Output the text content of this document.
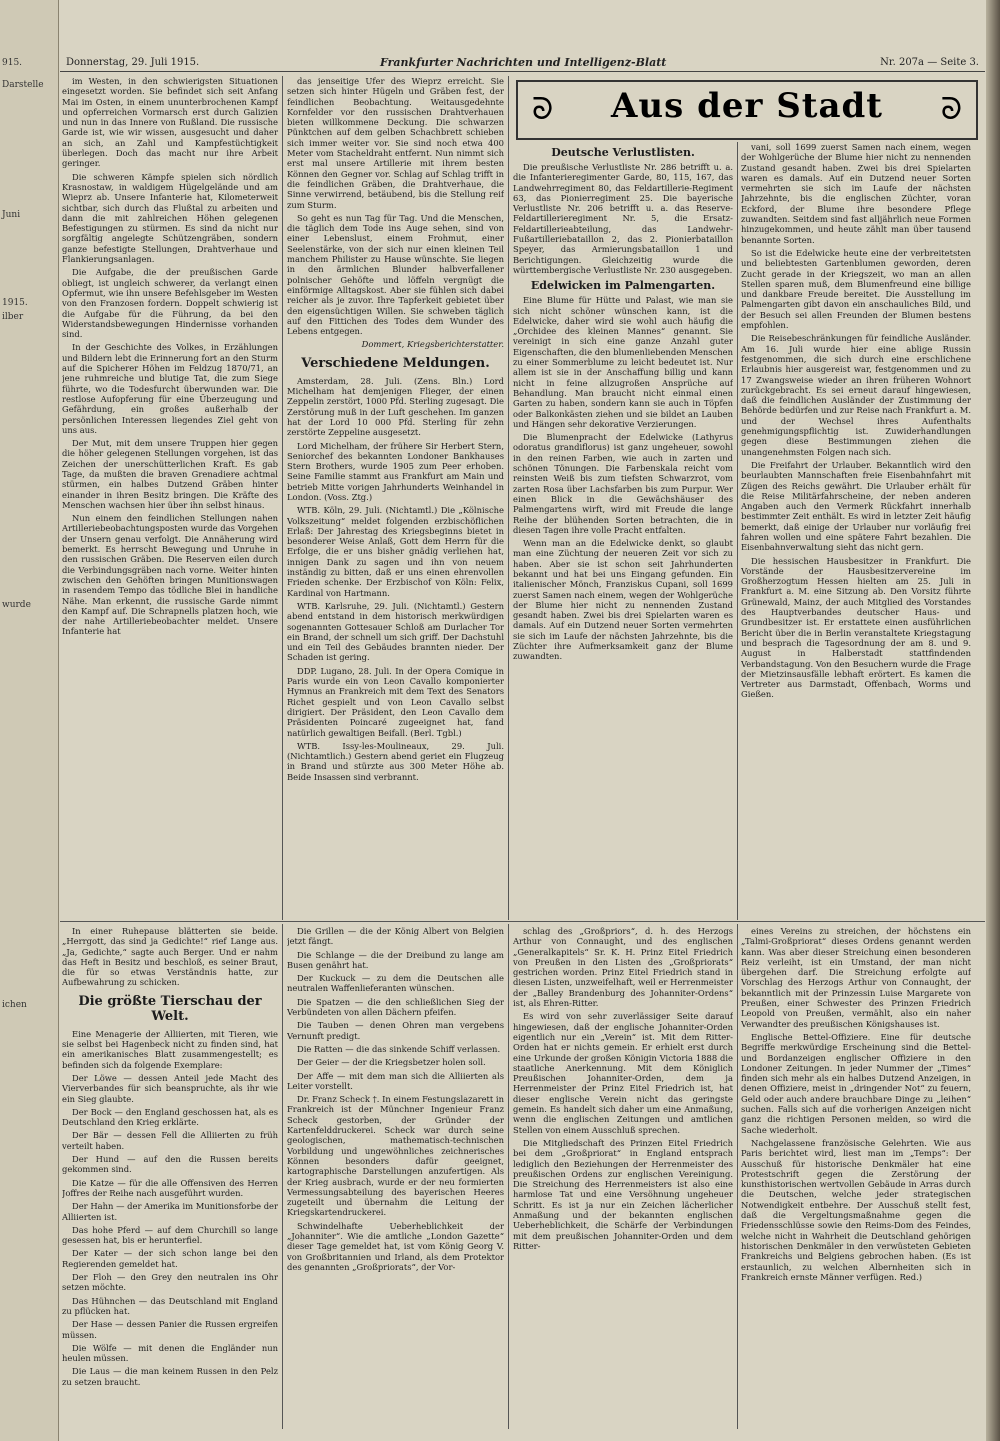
915.
Darstelle
Juni
1915.
ilber
wurde
ichen
Donnerstag, 29. Juli 1915.	Frankfurter Nachrichten und Intelligenz-Blatt	Nr. 207a — Seite 3.
ᘐ	Aus der Stadt	ᘐ

im Westen, in den schwierigsten Situationen eingesetzt worden. Sie befindet sich seit Anfang Mai im Osten, in einem ununterbrochenen Kampf und opferreichen Vormarsch erst durch Galizien und nun in das Innere von Rußland. Die russische Garde ist, wie wir wissen, ausgesucht und daher an sich, an Zahl und Kampfestüchtigkeit überlegen. Doch das macht nur ihre Arbeit geringer.

Die schweren Kämpfe spielen sich nördlich Krasnostaw, in waldigem Hügelgelände und am Wieprz ab. Unsere Infanterie hat, Kilometerweit sichtbar, sich durch das Flußtal zu arbeiten und dann die mit zahlreichen Höhen gelegenen Befestigungen zu stürmen. Es sind da nicht nur sorgfältig angelegte Schützengräben, sondern ganze befestigte Stellungen, Drahtverhaue und Flankierungsanlagen.

Die Aufgabe, die der preußischen Garde obliegt, ist ungleich schwerer, da verlangt einen Opfermut, wie ihn unsere Befehlsgeber im Westen von den Franzosen fordern. Doppelt schwierig ist die Aufgabe für die Führung, da bei den Widerstandsbewegungen Hindernisse vorhanden sind.

In der Geschichte des Volkes, in Erzählungen und Bildern lebt die Erinnerung fort an den Sturm auf die Spicherer Höhen im Feldzug 1870/71, an jene ruhmreiche und blutige Tat, die zum Siege führte, wo die Todesfurcht überwunden war. Die restlose Aufopferung für eine Überzeugung und Gefährdung, ein großes außerhalb der persönlichen Interessen liegendes Ziel geht von uns aus.

Der Mut, mit dem unsere Truppen hier gegen die höher gelegenen Stellungen vorgehen, ist das Zeichen der unerschütterlichen Kraft. Es gab Tage, da mußten die braven Grenadiere achtmal stürmen, ein halbes Dutzend Gräben hinter einander in ihren Besitz bringen. Die Kräfte des Menschen wachsen hier über ihn selbst hinaus.

Nun einem den feindlichen Stellungen nahen Artilleriebeobachtungsposten wurde das Vorgehen der Unsern genau verfolgt. Die Annäherung wird bemerkt. Es herrscht Bewegung und Unruhe in den russischen Gräben. Die Reserven eilen durch die Verbindungsgräben nach vorne. Weiter hinten zwischen den Gehöften bringen Munitionswagen in rasendem Tempo das tödliche Blei in handliche Nähe. Man erkennt, die russische Garde nimmt den Kampf auf. Die Schrapnells platzen hoch, wie der nahe Artilleriebeobachter meldet. Unsere Infanterie hat

das jenseitige Ufer des Wieprz erreicht. Sie setzen sich hinter Hügeln und Gräben fest, der feindlichen Beobachtung. Weitausgedehnte Kornfelder vor den russischen Drahtverhauen bieten willkommene Deckung. Die schwarzen Pünktchen auf dem gelben Schachbrett schieben sich immer weiter vor. Sie sind noch etwa 400 Meter vom Stacheldraht entfernt. Nun nimmt sich erst mal unsere Artillerie mit ihrem besten Können den Gegner vor. Schlag auf Schlag trifft in die feindlichen Gräben, die Drahtverhaue, die Sinne verwirrend, betäubend, bis die Stellung reif zum Sturm.

So geht es nun Tag für Tag. Und die Menschen, die täglich dem Tode ins Auge sehen, sind von einer Lebenslust, einem Frohmut, einer Seelenstärke, von der sich nur einen kleinen Teil manchem Philister zu Hause wünschte. Sie liegen in den ärmlichen Blunder halbverfallener polnischer Gehöfte und löffeln vergnügt die einförmige Alltagskost. Aber sie fühlen sich dabei reicher als je zuvor. Ihre Tapferkeit gebietet über den eigensüchtigen Willen. Sie schweben täglich auf den Fittichen des Todes dem Wunder des Lebens entgegen.

Dommert, Kriegsberichterstatter.

Verschiedene Meldungen.

Amsterdam, 28. Juli. (Zens. Bln.) Lord Michelham hat demjenigen Flieger, der einen Zeppelin zerstört, 1000 Pfd. Sterling zugesagt. Die Zerstörung muß in der Luft geschehen. Im ganzen hat der Lord 10 000 Pfd. Sterling für zehn zerstörte Zeppeline ausgesetzt.

Lord Michelham, der frühere Sir Herbert Stern, Seniorchef des bekannten Londoner Bankhauses Stern Brothers, wurde 1905 zum Peer erhoben. Seine Familie stammt aus Frankfurt am Main und betrieb Mitte vorigen Jahrhunderts Weinhandel in London. (Voss. Ztg.)

WTB. Köln, 29. Juli. (Nichtamtl.) Die „Kölnische Volkszeitung“ meldet folgenden erzbischöflichen Erlaß: Der Jahrestag des Kriegsbeginns bietet in besonderer Weise Anlaß, Gott dem Herrn für die Erfolge, die er uns bisher gnädig verliehen hat, innigen Dank zu sagen und ihn von neuem inständig zu bitten, daß er uns einen ehrenvollen Frieden schenke. Der Erzbischof von Köln: Felix, Kardinal von Hartmann.

WTB. Karlsruhe, 29. Juli. (Nichtamtl.) Gestern abend entstand in dem historisch merkwürdigen sogenannten Gottesauer Schloß am Durlacher Tor ein Brand, der schnell um sich griff. Der Dachstuhl und ein Teil des Gebäudes brannten nieder. Der Schaden ist gering.

DDP. Lugano, 28. Juli. In der Opera Comique in Paris wurde ein von Leon Cavallo komponierter Hymnus an Frankreich mit dem Text des Senators Richet gespielt und von Leon Cavallo selbst dirigiert. Der Präsident, den Leon Cavallo dem Präsidenten Poincaré zugeeignet hat, fand natürlich gewaltigen Beifall. (Berl. Tgbl.)

WTB. Issy-les-Moulineaux, 29. Juli. (Nichtamtlich.) Gestern abend geriet ein Flugzeug in Brand und stürzte aus 300 Meter Höhe ab. Beide Insassen sind verbrannt.

Deutsche Verlustlisten.

Die preußische Verlustliste Nr. 286 betrifft u. a. die Infanterieregimenter Garde, 80, 115, 167, das Landwehrregiment 80, das Feldartillerie-Regiment 63, das Pionierregiment 25. Die bayerische Verlustliste Nr. 206 betrifft u. a. das Reserve-Feldartillerieregiment Nr. 5, die Ersatz-Feldartillerieabteilung, das Landwehr-Fußartilleriebataillon 2, das 2. Pionierbataillon Speyer, das Armierungsbataillon 1 und Berichtigungen. Gleichzeitig wurde die württembergische Verlustliste Nr. 230 ausgegeben.

Edelwicken im Palmengarten.

Eine Blume für Hütte und Palast, wie man sie sich nicht schöner wünschen kann, ist die Edelwicke, daher wird sie wohl auch häufig die „Orchidee des kleinen Mannes“ genannt. Sie vereinigt in sich eine ganze Anzahl guter Eigenschaften, die den blumenliebenden Menschen zu einer Sommerblume zu leicht bedeutet ist. Nur allem ist sie in der Anschaffung billig und kann nicht in feine allzugroßen Ansprüche auf Behandlung. Man braucht nicht einmal einen Garten zu haben, sondern kann sie auch in Töpfen oder Balkonkästen ziehen und sie bildet an Lauben und Hängen sehr dekorative Verzierungen.

Die Blumenpracht der Edelwicke (Lathyrus odoratus grandiflorus) ist ganz ungeheuer, sowohl in den reinen Farben, wie auch in zarten und schönen Tönungen. Die Farbenskala reicht vom reinsten Weiß bis zum tiefsten Schwarzrot, vom zarten Rosa über Lachsfarben bis zum Purpur. Wer einen Blick in die Gewächshäuser des Palmengartens wirft, wird mit Freude die lange Reihe der blühenden Sorten betrachten, die in diesen Tagen ihre volle Pracht entfalten.

Wenn man an die Edelwicke denkt, so glaubt man eine Züchtung der neueren Zeit vor sich zu haben. Aber sie ist schon seit Jahrhunderten bekannt und hat bei uns Eingang gefunden. Ein italienischer Mönch, Franziskus Cupani, soll 1699 zuerst Samen nach einem, wegen der Wohlgerüche der Blume hier nicht zu nennenden Zustand gesandt haben. Zwei bis drei Spielarten waren es damals. Auf ein Dutzend neuer Sorten vermehrten sie sich im Laufe der nächsten Jahrzehnte, bis die Züchter ihre Aufmerksamkeit ganz der Blume zuwandten.

vani, soll 1699 zuerst Samen nach einem, wegen der Wohlgerüche der Blume hier nicht zu nennenden Zustand gesandt haben. Zwei bis drei Spielarten waren es damals. Auf ein Dutzend neuer Sorten vermehrten sie sich im Laufe der nächsten Jahrzehnte, bis die englischen Züchter, voran Eckford, der Blume ihre besondere Pflege zuwandten. Seitdem sind fast alljährlich neue Formen hinzugekommen, und heute zählt man über tausend benannte Sorten.

So ist die Edelwicke heute eine der verbreitetsten und beliebtesten Gartenblumen geworden, deren Zucht gerade in der Kriegszeit, wo man an allen Stellen sparen muß, dem Blumenfreund eine billige und dankbare Freude bereitet. Die Ausstellung im Palmengarten gibt davon ein anschauliches Bild, und der Besuch sei allen Freunden der Blumen bestens empfohlen.

Die Reisebeschränkungen für feindliche Ausländer. Am 16. Juli wurde hier eine ablige Russin festgenommen, die sich durch eine erschlichene Erlaubnis hier ausgereist war, festgenommen und zu 17 Zwangsweise wieder an ihren früheren Wohnort zurückgebracht. Es sei erneut darauf hingewiesen, daß die feindlichen Ausländer der Zustimmung der Behörde bedürfen und zur Reise nach Frankfurt a. M. und der Wechsel ihres Aufenthalts genehmigungspflichtig ist. Zuwiderhandlungen gegen diese Bestimmungen ziehen die unangenehmsten Folgen nach sich.

Die Freifahrt der Urlauber. Bekanntlich wird den beurlaubten Mannschaften freie Eisenbahnfahrt mit Zügen des Reichs gewährt. Die Urlauber erhält für die Reise Militärfahrscheine, der neben anderen Angaben auch den Vermerk Rückfahrt innerhalb bestimmter Zeit enthält. Es wird in letzter Zeit häufig bemerkt, daß einige der Urlauber nur vorläufig frei fahren wollen und eine spätere Fahrt bezahlen. Die Eisenbahnverwaltung sieht das nicht gern.

Die hessischen Hausbesitzer in Frankfurt. Die Vorstände der Hausbesitzervereine im Großherzogtum Hessen hielten am 25. Juli in Frankfurt a. M. eine Sitzung ab. Den Vorsitz führte Grünewald, Mainz, der auch Mitglied des Vorstandes des Hauptverbandes deutscher Haus- und Grundbesitzer ist. Er erstattete einen ausführlichen Bericht über die in Berlin veranstaltete Kriegstagung und besprach die Tagesordnung der am 8. und 9. August in Halberstadt stattfindenden Verbandstagung. Von den Besuchern wurde die Frage der Mietzinsausfälle lebhaft erörtert. Es kamen die Vertreter aus Darmstadt, Offenbach, Worms und Gießen.

In einer Ruhepause blätterten sie beide. „Herrgott, das sind ja Gedichte!“ rief Lange aus. „Ja, Gedichte,“ sagte auch Berger. Und er nahm das Heft in Besitz und beschloß, es seiner Braut, die für so etwas Verständnis hatte, zur Aufbewahrung zu schicken.

Die größte Tierschau der Welt.

Eine Menagerie der Alliierten, mit Tieren, wie sie selbst bei Hagenbeck nicht zu finden sind, hat ein amerikanisches Blatt zusammengestellt; es befinden sich da folgende Exemplare:

Der Löwe — dessen Anteil jede Macht des Vierverbandes für sich beanspruchte, als ihr wie ein Sieg glaubte.

Der Bock — den England geschossen hat, als es Deutschland den Krieg erklärte.

Der Bär — dessen Fell die Alliierten zu früh verteilt haben.

Der Hund — auf den die Russen bereits gekommen sind.

Die Katze — für die alle Offensiven des Herren Joffres der Reihe nach ausgeführt wurden.

Der Hahn — der Amerika im Munitionsforbe der Alliierten ist.

Das hohe Pferd — auf dem Churchill so lange gesessen hat, bis er herunterfiel.

Der Kater — der sich schon lange bei den Regierenden gemeldet hat.

Der Floh — den Grey den neutralen ins Ohr setzen möchte.

Das Hühnchen — das Deutschland mit England zu pflücken hat.

Der Hase — dessen Panier die Russen ergreifen müssen.

Die Wölfe — mit denen die Engländer nun heulen müssen.

Die Laus — die man keinem Russen in den Pelz zu setzen braucht.

Die Grillen — die der König Albert von Belgien jetzt fängt.

Die Schlange — die der Dreibund zu lange am Busen genährt hat.

Der Kuckuck — zu dem die Deutschen alle neutralen Waffenlieferanten wünschen.

Die Spatzen — die den schließlichen Sieg der Verbündeten von allen Dächern pfeifen.

Die Tauben — denen Ohren man vergebens Vernunft predigt.

Die Ratten — die das sinkende Schiff verlassen.

Der Geier — der die Kriegsbetzer holen soll.

Der Affe — mit dem man sich die Alliierten als Leiter vorstellt.

Dr. Franz Scheck †. In einem Festungslazarett in Frankreich ist der Münchner Ingenieur Franz Scheck gestorben, der Gründer der Kartenfelddruckerei. Scheck war durch seine geologischen, mathematisch-technischen Vorbildung und ungewöhnliches zeichnerisches Können besonders dafür geeignet, kartographische Darstellungen anzufertigen. Als der Krieg ausbrach, wurde er der neu formierten Vermessungsabteilung des bayerischen Heeres zugeteilt und übernahm die Leitung der Kriegskartendruckerei.

Schwindelhafte Ueberheblichkeit der „Johanniter“. Wie die amtliche „London Gazette“ dieser Tage gemeldet hat, ist vom König Georg V. von Großbritannien und Irland, als dem Protektor des genannten „Großpriorats“, der Vor-

schlag des „Großpriors“, d. h. des Herzogs Arthur von Connaught, und des englischen „Generalkapitels“ Sr. K. H. Prinz Eitel Friedrich von Preußen in den Listen des „Großpriorats“ gestrichen worden. Prinz Eitel Friedrich stand in diesen Listen, unzweifelhaft, weil er Herrenmeister der „Balley Brandenburg des Johanniter-Ordens“ ist, als Ehren-Ritter.

Es wird von sehr zuverlässiger Seite darauf hingewiesen, daß der englische Johanniter-Orden eigentlich nur ein „Verein“ ist. Mit dem Ritter-Orden hat er nichts gemein. Er erhielt erst durch eine Urkunde der großen Königin Victoria 1888 die staatliche Anerkennung. Mit dem Königlich Preußischen Johanniter-Orden, dem ja Herrenmeister der Prinz Eitel Friedrich ist, hat dieser englische Verein nicht das geringste gemein. Es handelt sich daher um eine Anmaßung, wenn die englischen Zeitungen und amtlichen Stellen von einem Ausschluß sprechen.

Die Mitgliedschaft des Prinzen Eitel Friedrich bei dem „Großpriorat“ in England entsprach lediglich den Beziehungen der Herrenmeister des preußischen Ordens zur englischen Vereinigung. Die Streichung des Herrenmeisters ist also eine harmlose Tat und eine Versöhnung ungeheuer Schritt. Es ist ja nur ein Zeichen lächerlicher Anmaßung und der bekannten englischen Ueberheblichkeit, die Schärfe der Verbindungen mit dem preußischen Johanniter-Orden und dem Ritter-

eines Vereins zu streichen, der höchstens ein „Talmi-Großpriorat“ dieses Ordens genannt werden kann. Was aber dieser Streichung einen besonderen Reiz verleiht, ist ein Umstand, der man nicht übergehen darf. Die Streichung erfolgte auf Vorschlag des Herzogs Arthur von Connaught, der bekanntlich mit der Prinzessin Luise Margarete von Preußen, einer Schwester des Prinzen Friedrich Leopold von Preußen, vermählt, also ein naher Verwandter des preußischen Königshauses ist.

Englische Bettel-Offiziere. Eine für deutsche Begriffe merkwürdige Erscheinung sind die Bettel- und Bordanzeigen englischer Offiziere in den Londoner Zeitungen. In jeder Nummer der „Times“ finden sich mehr als ein halbes Dutzend Anzeigen, in denen Offiziere, meist in „dringender Not“ zu feuern, Geld oder auch andere brauchbare Dinge zu „leihen“ suchen. Falls sich auf die vorherigen Anzeigen nicht ganz die richtigen Personen melden, so wird die Sache wiederholt.

Nachgelassene französische Gelehrten. Wie aus Paris berichtet wird, liest man im „Temps“: Der Ausschuß für historische Denkmäler hat eine Protestschrift gegen die Zerstörung der kunsthistorischen wertvollen Gebäude in Arras durch die Deutschen, welche jeder strategischen Notwendigkeit entbehre. Der Ausschuß stellt fest, daß die Vergeltungsmaßnahme gegen die Friedensschlüsse sowie den Reims-Dom des Feindes, welche nicht in Wahrheit die Deutschland gehörigen historischen Denkmäler in den verwüsteten Gebieten Frankreichs und Belgiens gebrochen haben. (Es ist erstaunlich, zu welchen Albernheiten sich in Frankreich ernste Männer verfügen. Red.)
